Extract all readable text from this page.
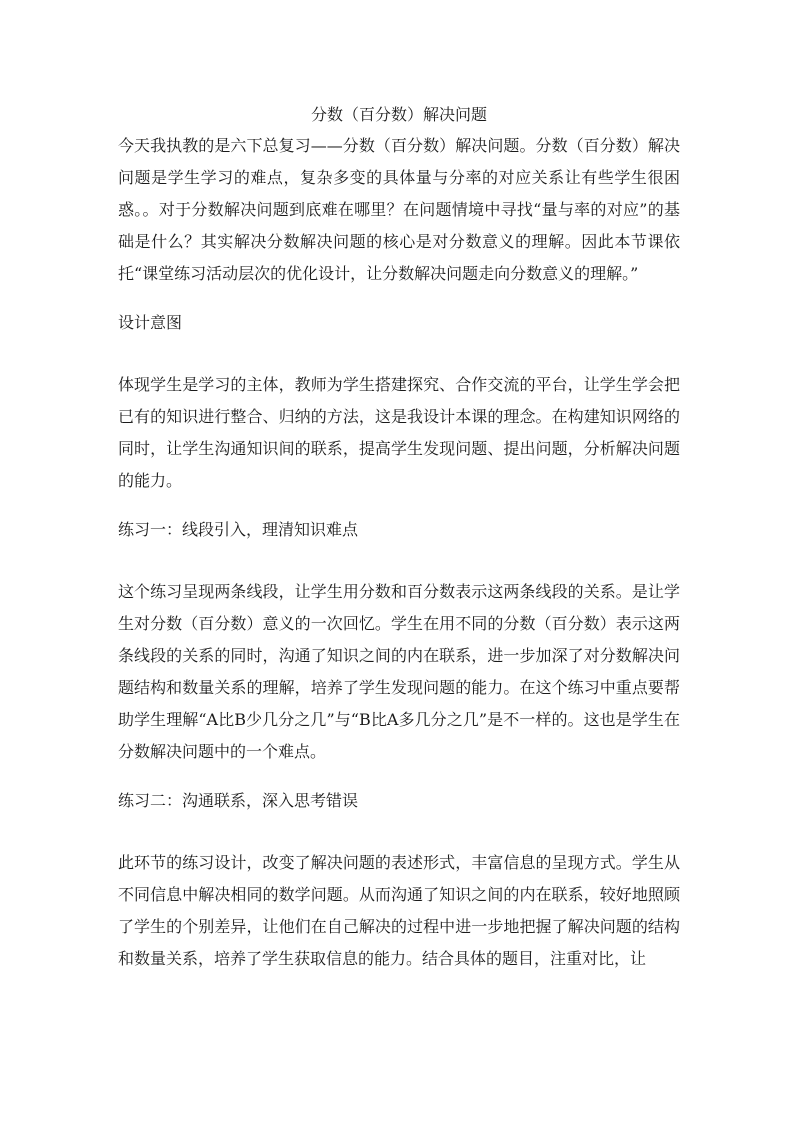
分数（百分数）解决问题

今天我执教的是六下总复习——分数（百分数）解决问题。分数（百分数）解决问题是学生学习的难点，复杂多变的具体量与分率的对应关系让有些学生很困惑。。对于分数解决问题到底难在哪里？在问题情境中寻找“量与率的对应”的基础是什么？其实解决分数解决问题的核心是对分数意义的理解。因此本节课依托“课堂练习活动层次的优化设计，让分数解决问题走向分数意义的理解。”

设计意图

体现学生是学习的主体，教师为学生搭建探究、合作交流的平台，让学生学会把已有的知识进行整合、归纳的方法，这是我设计本课的理念。在构建知识网络的同时，让学生沟通知识间的联系，提高学生发现问题、提出问题，分析解决问题的能力。

练习一：线段引入，理清知识难点

这个练习呈现两条线段，让学生用分数和百分数表示这两条线段的关系。是让学生对分数（百分数）意义的一次回忆。学生在用不同的分数（百分数）表示这两条线段的关系的同时，沟通了知识之间的内在联系，进一步加深了对分数解决问题结构和数量关系的理解，培养了学生发现问题的能力。在这个练习中重点要帮助学生理解“A比B少几分之几”与“B比A多几分之几”是不一样的。这也是学生在分数解决问题中的一个难点。

练习二：沟通联系，深入思考错误

此环节的练习设计，改变了解决问题的表述形式，丰富信息的呈现方式。学生从不同信息中解决相同的数学问题。从而沟通了知识之间的内在联系，较好地照顾了学生的个别差异，让他们在自己解决的过程中进一步地把握了解决问题的结构和数量关系，培养了学生获取信息的能力。结合具体的题目，注重对比，让
